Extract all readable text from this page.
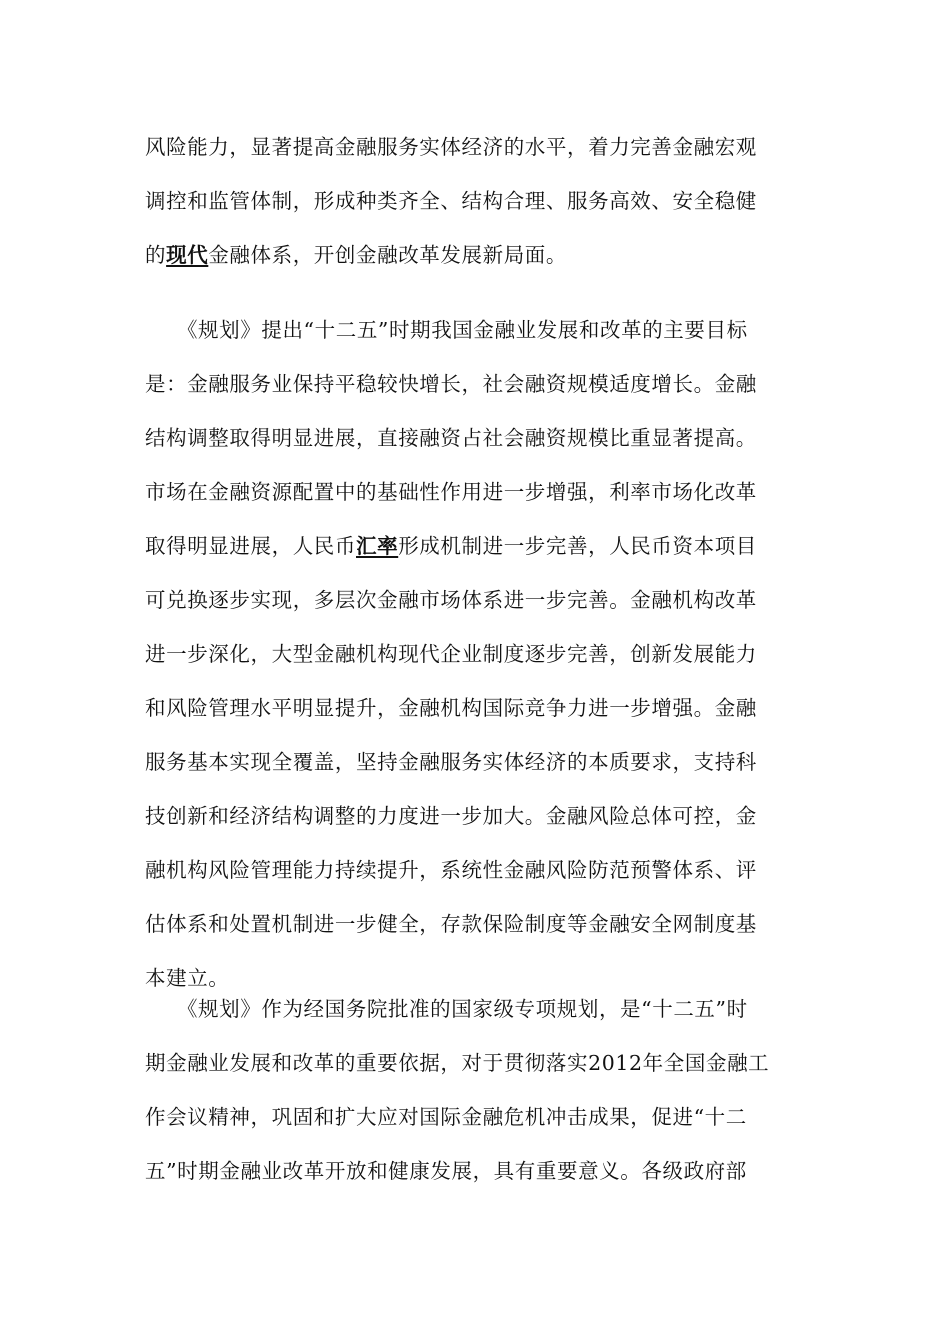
风险能力，显著提高金融服务实体经济的水平，着力完善金融宏观
调控和监管体制，形成种类齐全、结构合理、服务高效、安全稳健
的现代金融体系，开创金融改革发展新局面。
　　《规划》提出“十二五”时期我国金融业发展和改革的主要目标
是：金融服务业保持平稳较快增长，社会融资规模适度增长。金融
结构调整取得明显进展，直接融资占社会融资规模比重显著提高。
市场在金融资源配置中的基础性作用进一步增强，利率市场化改革
取得明显进展，人民币汇率形成机制进一步完善，人民币资本项目
可兑换逐步实现，多层次金融市场体系进一步完善。金融机构改革
进一步深化，大型金融机构现代企业制度逐步完善，创新发展能力
和风险管理水平明显提升，金融机构国际竞争力进一步增强。金融
服务基本实现全覆盖，坚持金融服务实体经济的本质要求，支持科
技创新和经济结构调整的力度进一步加大。金融风险总体可控，金
融机构风险管理能力持续提升，系统性金融风险防范预警体系、评
估体系和处置机制进一步健全，存款保险制度等金融安全网制度基
本建立。
　　《规划》作为经国务院批准的国家级专项规划，是“十二五”时
期金融业发展和改革的重要依据，对于贯彻落实2012年全国金融工
作会议精神，巩固和扩大应对国际金融危机冲击成果，促进“十二
五”时期金融业改革开放和健康发展，具有重要意义。各级政府部
